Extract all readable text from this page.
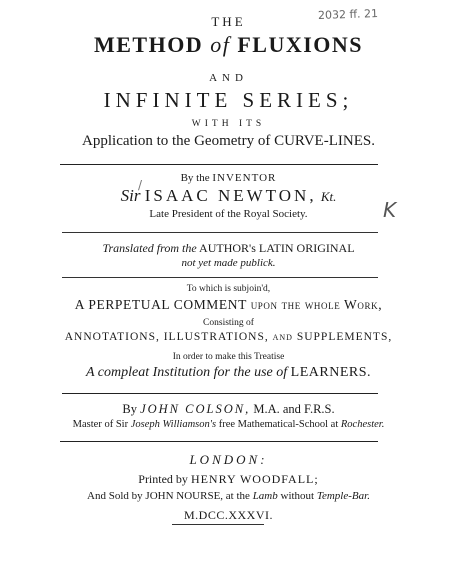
2032 ff. 21
K
/
THE
METHOD of FLUXIONS
AND
INFINITE SERIES;
WITH ITS
Application to the Geometry of CURVE-LINES.
By the INVENTOR
Sir ISAAC NEWTON, Kt.
Late President of the Royal Society.
Translated from the AUTHOR's LATIN ORIGINAL
not yet made publick.
To which is subjoin'd,
A PERPETUAL COMMENT upon the whole Work,
Consisting of
ANNOTATIONS, ILLUSTRATIONS, and SUPPLEMENTS,
In order to make this Treatise
A compleat Institution for the use of LEARNERS.
By JOHN COLSON, M.A. and F.R.S.
Master of Sir Joseph Williamson's free Mathematical-School at Rochester.
LONDON:
Printed by HENRY WOODFALL;
And Sold by JOHN NOURSE, at the Lamb without Temple-Bar.
M.DCC.XXXVI.
